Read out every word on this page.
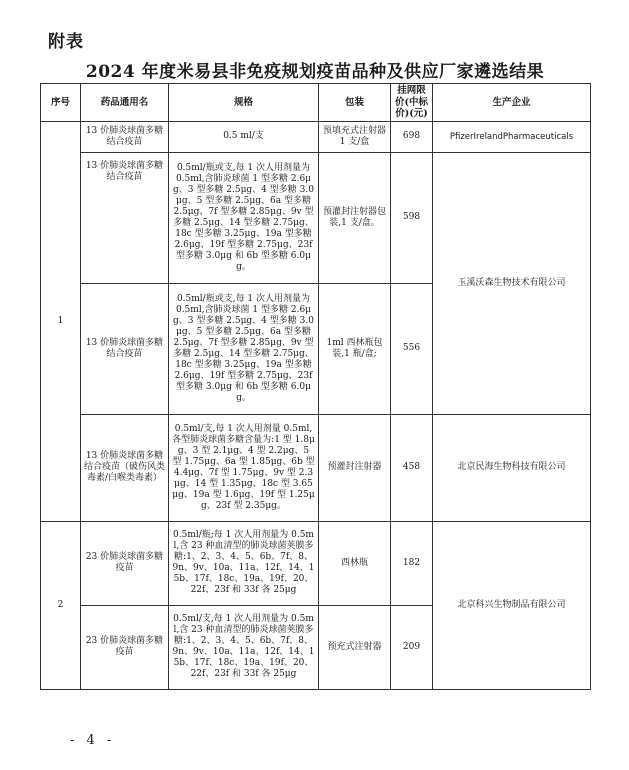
附表
2024 年度米易县非免疫规划疫苗品种及供应厂家遴选结果
序号	药品通用名	规格	包装	挂网限价(中标价)(元)	生产企业
1	13 价肺炎球菌多糖结合疫苗	0.5 ml/支	预填充式注射器 1 支/盒	698	PfizerIrelandPharmaceuticals
	13 价肺炎球菌多糖结合疫苗	0.5ml/瓶或支,每 1 次人用剂量为 0.5ml,含肺炎球菌 1 型多糖 2.6μg、3 型多糖 2.5μg、4 型多糖 3.0μg、5 型多糖 2.5μg、6a 型多糖 2.5μg、7f 型多糖 2.85μg、9v 型多糖 2.5μg、14 型多糖 2.75μg、18c 型多糖 3.25μg、19a 型多糖 2.6μg、19f 型多糖 2.75μg、23f 型多糖 3.0μg 和 6b 型多糖 6.0μg。	预灌封注射器包装,1 支/盒。	598	玉溪沃森生物技术有限公司
	13 价肺炎球菌多糖结合疫苗	0.5ml/瓶或支,每 1 次人用剂量为 0.5ml,含肺炎球菌 1 型多糖 2.6μg、3 型多糖 2.5μg、4 型多糖 3.0μg、5 型多糖 2.5μg、6a 型多糖 2.5μg、7f 型多糖 2.85μg、9v 型多糖 2.5μg、14 型多糖 2.75μg、18c 型多糖 3.25μg、19a 型多糖 2.6μg、19f 型多糖 2.75μg、23f 型多糖 3.0μg 和 6b 型多糖 6.0μg。	1ml 西林瓶包装,1 瓶/盒;	556	
	13 价肺炎球菌多糖结合疫苗（破伤风类毒素/白喉类毒素）	0.5ml/支,每 1 次人用剂量 0.5ml,各型肺炎球菌多糖含量为:1 型 1.8μg、3 型 2.1μg、4 型 2.2μg、5 型 1.75μg、6a 型 1.85μg、6b 型 4.4μg、7f 型 1.75μg、9v 型 2.3μg、14 型 1.35μg、18c 型 3.65μg、19a 型 1.6μg、19f 型 1.25μg、23f 型 2.35μg。	预灌封注射器	458	北京民海生物科技有限公司
2	23 价肺炎球菌多糖疫苗	0.5ml/瓶;每 1 次人用剂量为 0.5ml,含 23 种血清型的肺炎球菌荚膜多糖:1、2、3、4、5、6b、7f、8、9n、9v、10a、11a、12f、14、15b、17f、18c、19a、19f、20、22f、23f 和 33f 各 25μg	西林瓶	182	北京科兴生物制品有限公司
	23 价肺炎球菌多糖疫苗	0.5ml/支,每 1 次人用剂量为 0.5ml,含 23 种血清型的肺炎球菌荚膜多糖:1、2、3、4、5、6b、7f、8、9n、9v、10a、11a、12f、14、15b、17f、18c、19a、19f、20、22f、23f 和 33f 各 25μg	预充式注射器	209	
- 4 -
